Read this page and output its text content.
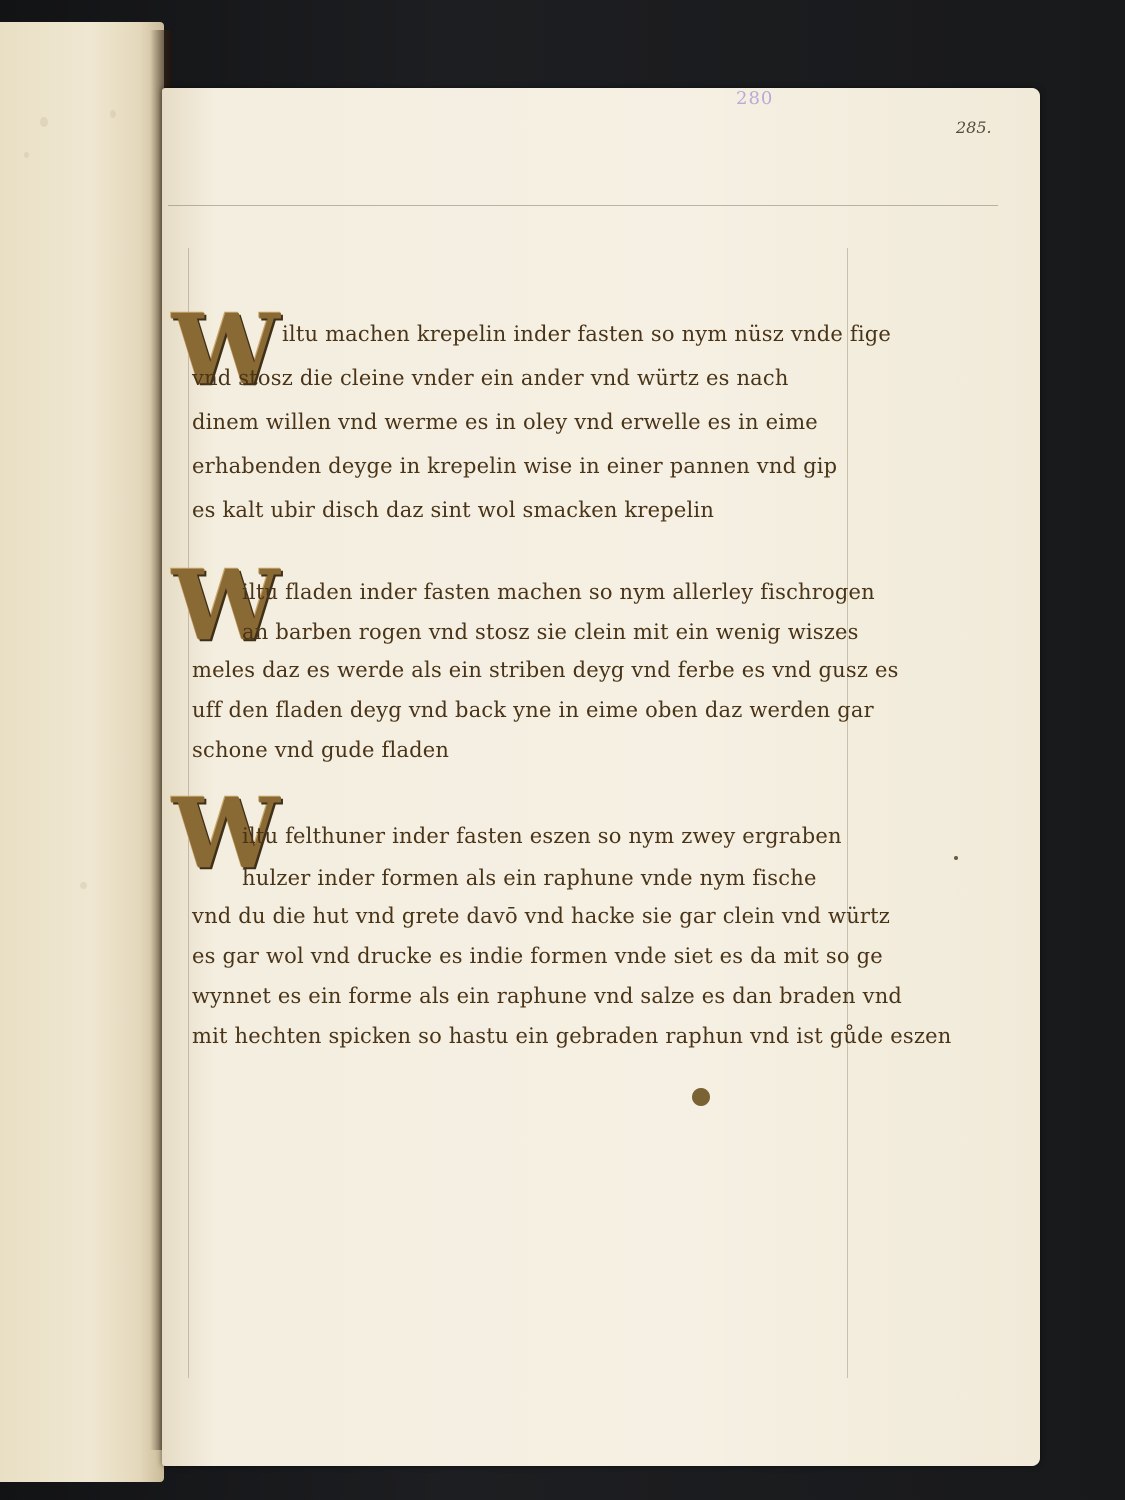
280
285.

W iltu machen krepelin inder fasten so nym nüsz vnde fige
vnd stosz die cleine vnder ein ander vnd würtz es nach
dinem willen vnd werme es in oley vnd erwelle es in eime
erhabenden deyge in krepelin wise in einer pannen vnd gip
es kalt ubir disch daz sint wol smacken krepelin
W
iltu fladen inder fasten machen so nym allerley fischrogen
an barben rogen vnd stosz sie clein mit ein wenig wiszes
meles daz es werde als ein striben deyg vnd ferbe es vnd gusz es
uff den fladen deyg vnd back yne in eime oben daz werden gar
schone vnd gude fladen
W
iltu felthuner inder fasten eszen so nym zwey ergraben
hulzer inder formen als ein raphune vnde nym fische
vnd du die hut vnd grete davō vnd hacke sie gar clein vnd würtz
es gar wol vnd drucke es indie formen vnde siet es da mit so ge
wynnet es ein forme als ein raphune vnd salze es dan braden vnd
mit hechten spicken so hastu ein gebraden raphun vnd ist gůde eszen
